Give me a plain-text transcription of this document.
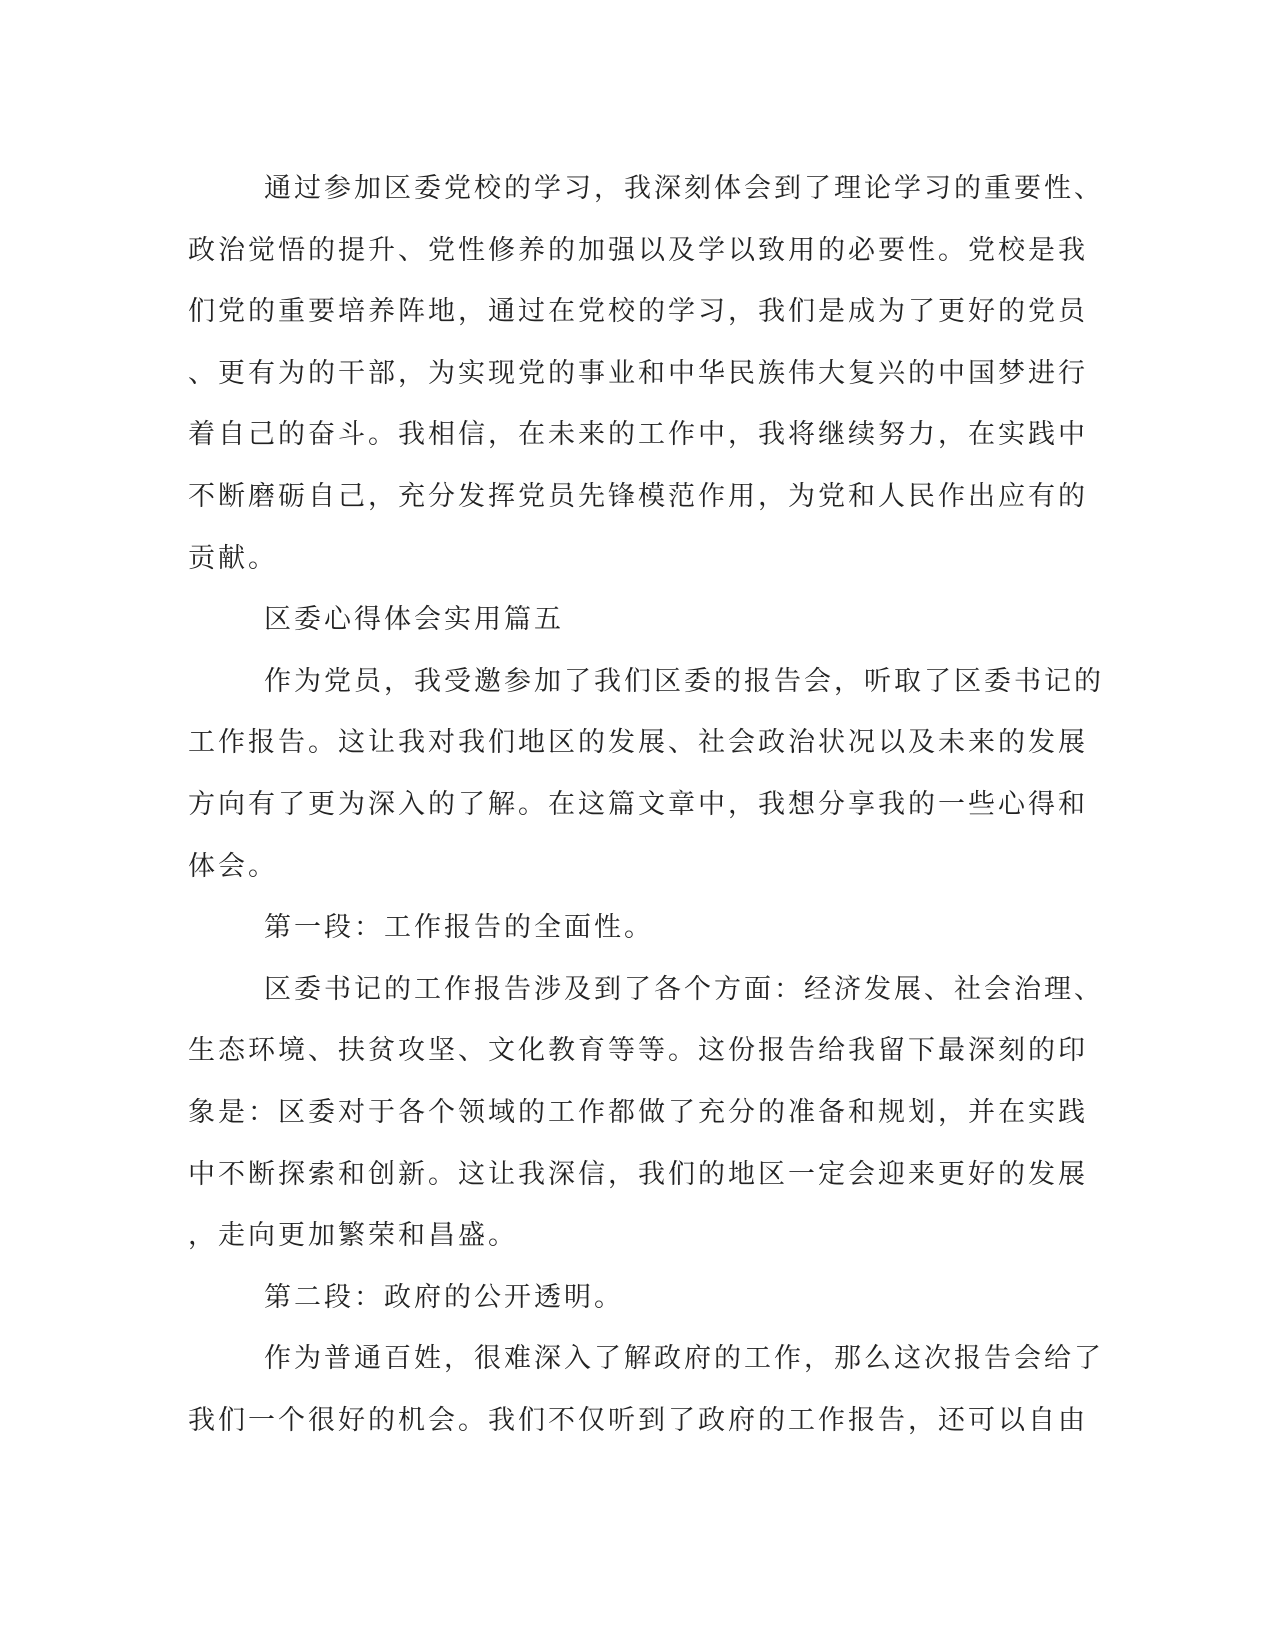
通过参加区委党校的学习，我深刻体会到了理论学习的重要性、
政治觉悟的提升、党性修养的加强以及学以致用的必要性。党校是我
们党的重要培养阵地，通过在党校的学习，我们是成为了更好的党员
、更有为的干部，为实现党的事业和中华民族伟大复兴的中国梦进行
着自己的奋斗。我相信，在未来的工作中，我将继续努力，在实践中
不断磨砺自己，充分发挥党员先锋模范作用，为党和人民作出应有的
贡献。
区委心得体会实用篇五
作为党员，我受邀参加了我们区委的报告会，听取了区委书记的
工作报告。这让我对我们地区的发展、社会政治状况以及未来的发展
方向有了更为深入的了解。在这篇文章中，我想分享我的一些心得和
体会。
第一段：工作报告的全面性。
区委书记的工作报告涉及到了各个方面：经济发展、社会治理、
生态环境、扶贫攻坚、文化教育等等。这份报告给我留下最深刻的印
象是：区委对于各个领域的工作都做了充分的准备和规划，并在实践
中不断探索和创新。这让我深信，我们的地区一定会迎来更好的发展
，走向更加繁荣和昌盛。
第二段：政府的公开透明。
作为普通百姓，很难深入了解政府的工作，那么这次报告会给了
我们一个很好的机会。我们不仅听到了政府的工作报告，还可以自由
